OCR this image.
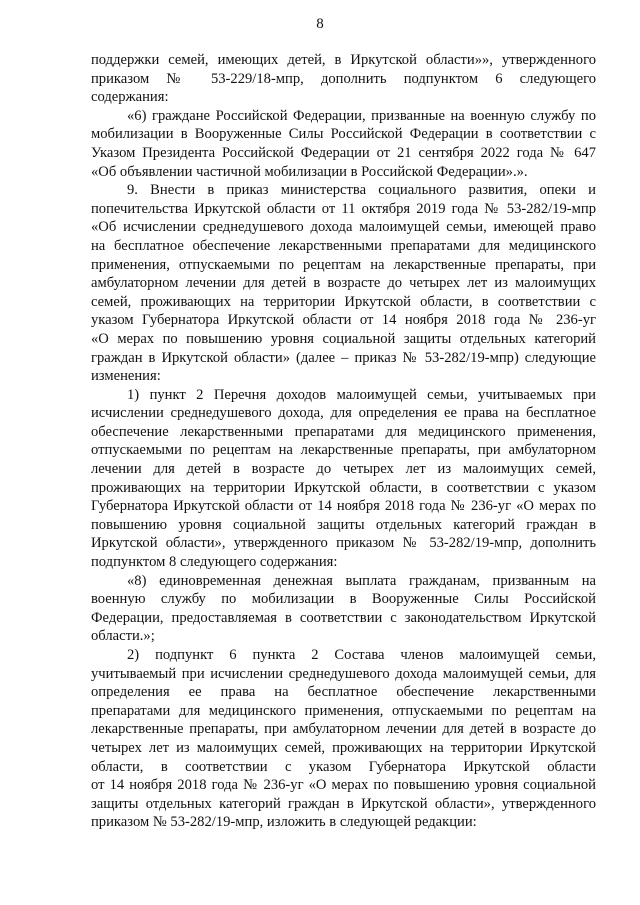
8
поддержки семей, имеющих детей, в Иркутской области»», утвержденного
приказом № 53-229/18-мпр, дополнить подпунктом 6 следующего
содержания:
«6) граждане Российской Федерации, призванные на военную службу по
мобилизации в Вооруженные Силы Российской Федерации в соответствии с
Указом Президента Российской Федерации от 21 сентября 2022 года № 647
«Об объявлении частичной мобилизации в Российской Федерации».».
9. Внести в приказ министерства социального развития, опеки и
попечительства Иркутской области от 11 октября 2019 года № 53-282/19-мпр
«Об исчислении среднедушевого дохода малоимущей семьи, имеющей право
на бесплатное обеспечение лекарственными препаратами для медицинского
применения, отпускаемыми по рецептам на лекарственные препараты, при
амбулаторном лечении для детей в возрасте до четырех лет из малоимущих
семей, проживающих на территории Иркутской области, в соответствии с
указом Губернатора Иркутской области от 14 ноября 2018 года № 236-уг
«О мерах по повышению уровня социальной защиты отдельных категорий
граждан в Иркутской области» (далее – приказ № 53-282/19-мпр) следующие
изменения:
1) пункт 2 Перечня доходов малоимущей семьи, учитываемых при
исчислении среднедушевого дохода, для определения ее права на бесплатное
обеспечение лекарственными препаратами для медицинского применения,
отпускаемыми по рецептам на лекарственные препараты, при амбулаторном
лечении для детей в возрасте до четырех лет из малоимущих семей,
проживающих на территории Иркутской области, в соответствии с указом
Губернатора Иркутской области от 14 ноября 2018 года № 236-уг «О мерах по
повышению уровня социальной защиты отдельных категорий граждан в
Иркутской области», утвержденного приказом № 53-282/19-мпр, дополнить
подпунктом 8 следующего содержания:
«8) единовременная денежная выплата гражданам, призванным на
военную службу по мобилизации в Вооруженные Силы Российской
Федерации, предоставляемая в соответствии с законодательством Иркутской
области.»;
2) подпункт 6 пункта 2 Состава членов малоимущей семьи,
учитываемый при исчислении среднедушевого дохода малоимущей семьи, для
определения ее права на бесплатное обеспечение лекарственными
препаратами для медицинского применения, отпускаемыми по рецептам на
лекарственные препараты, при амбулаторном лечении для детей в возрасте до
четырех лет из малоимущих семей, проживающих на территории Иркутской
области, в соответствии с указом Губернатора Иркутской области
от 14 ноября 2018 года № 236-уг «О мерах по повышению уровня социальной
защиты отдельных категорий граждан в Иркутской области», утвержденного
приказом № 53-282/19-мпр, изложить в следующей редакции:
